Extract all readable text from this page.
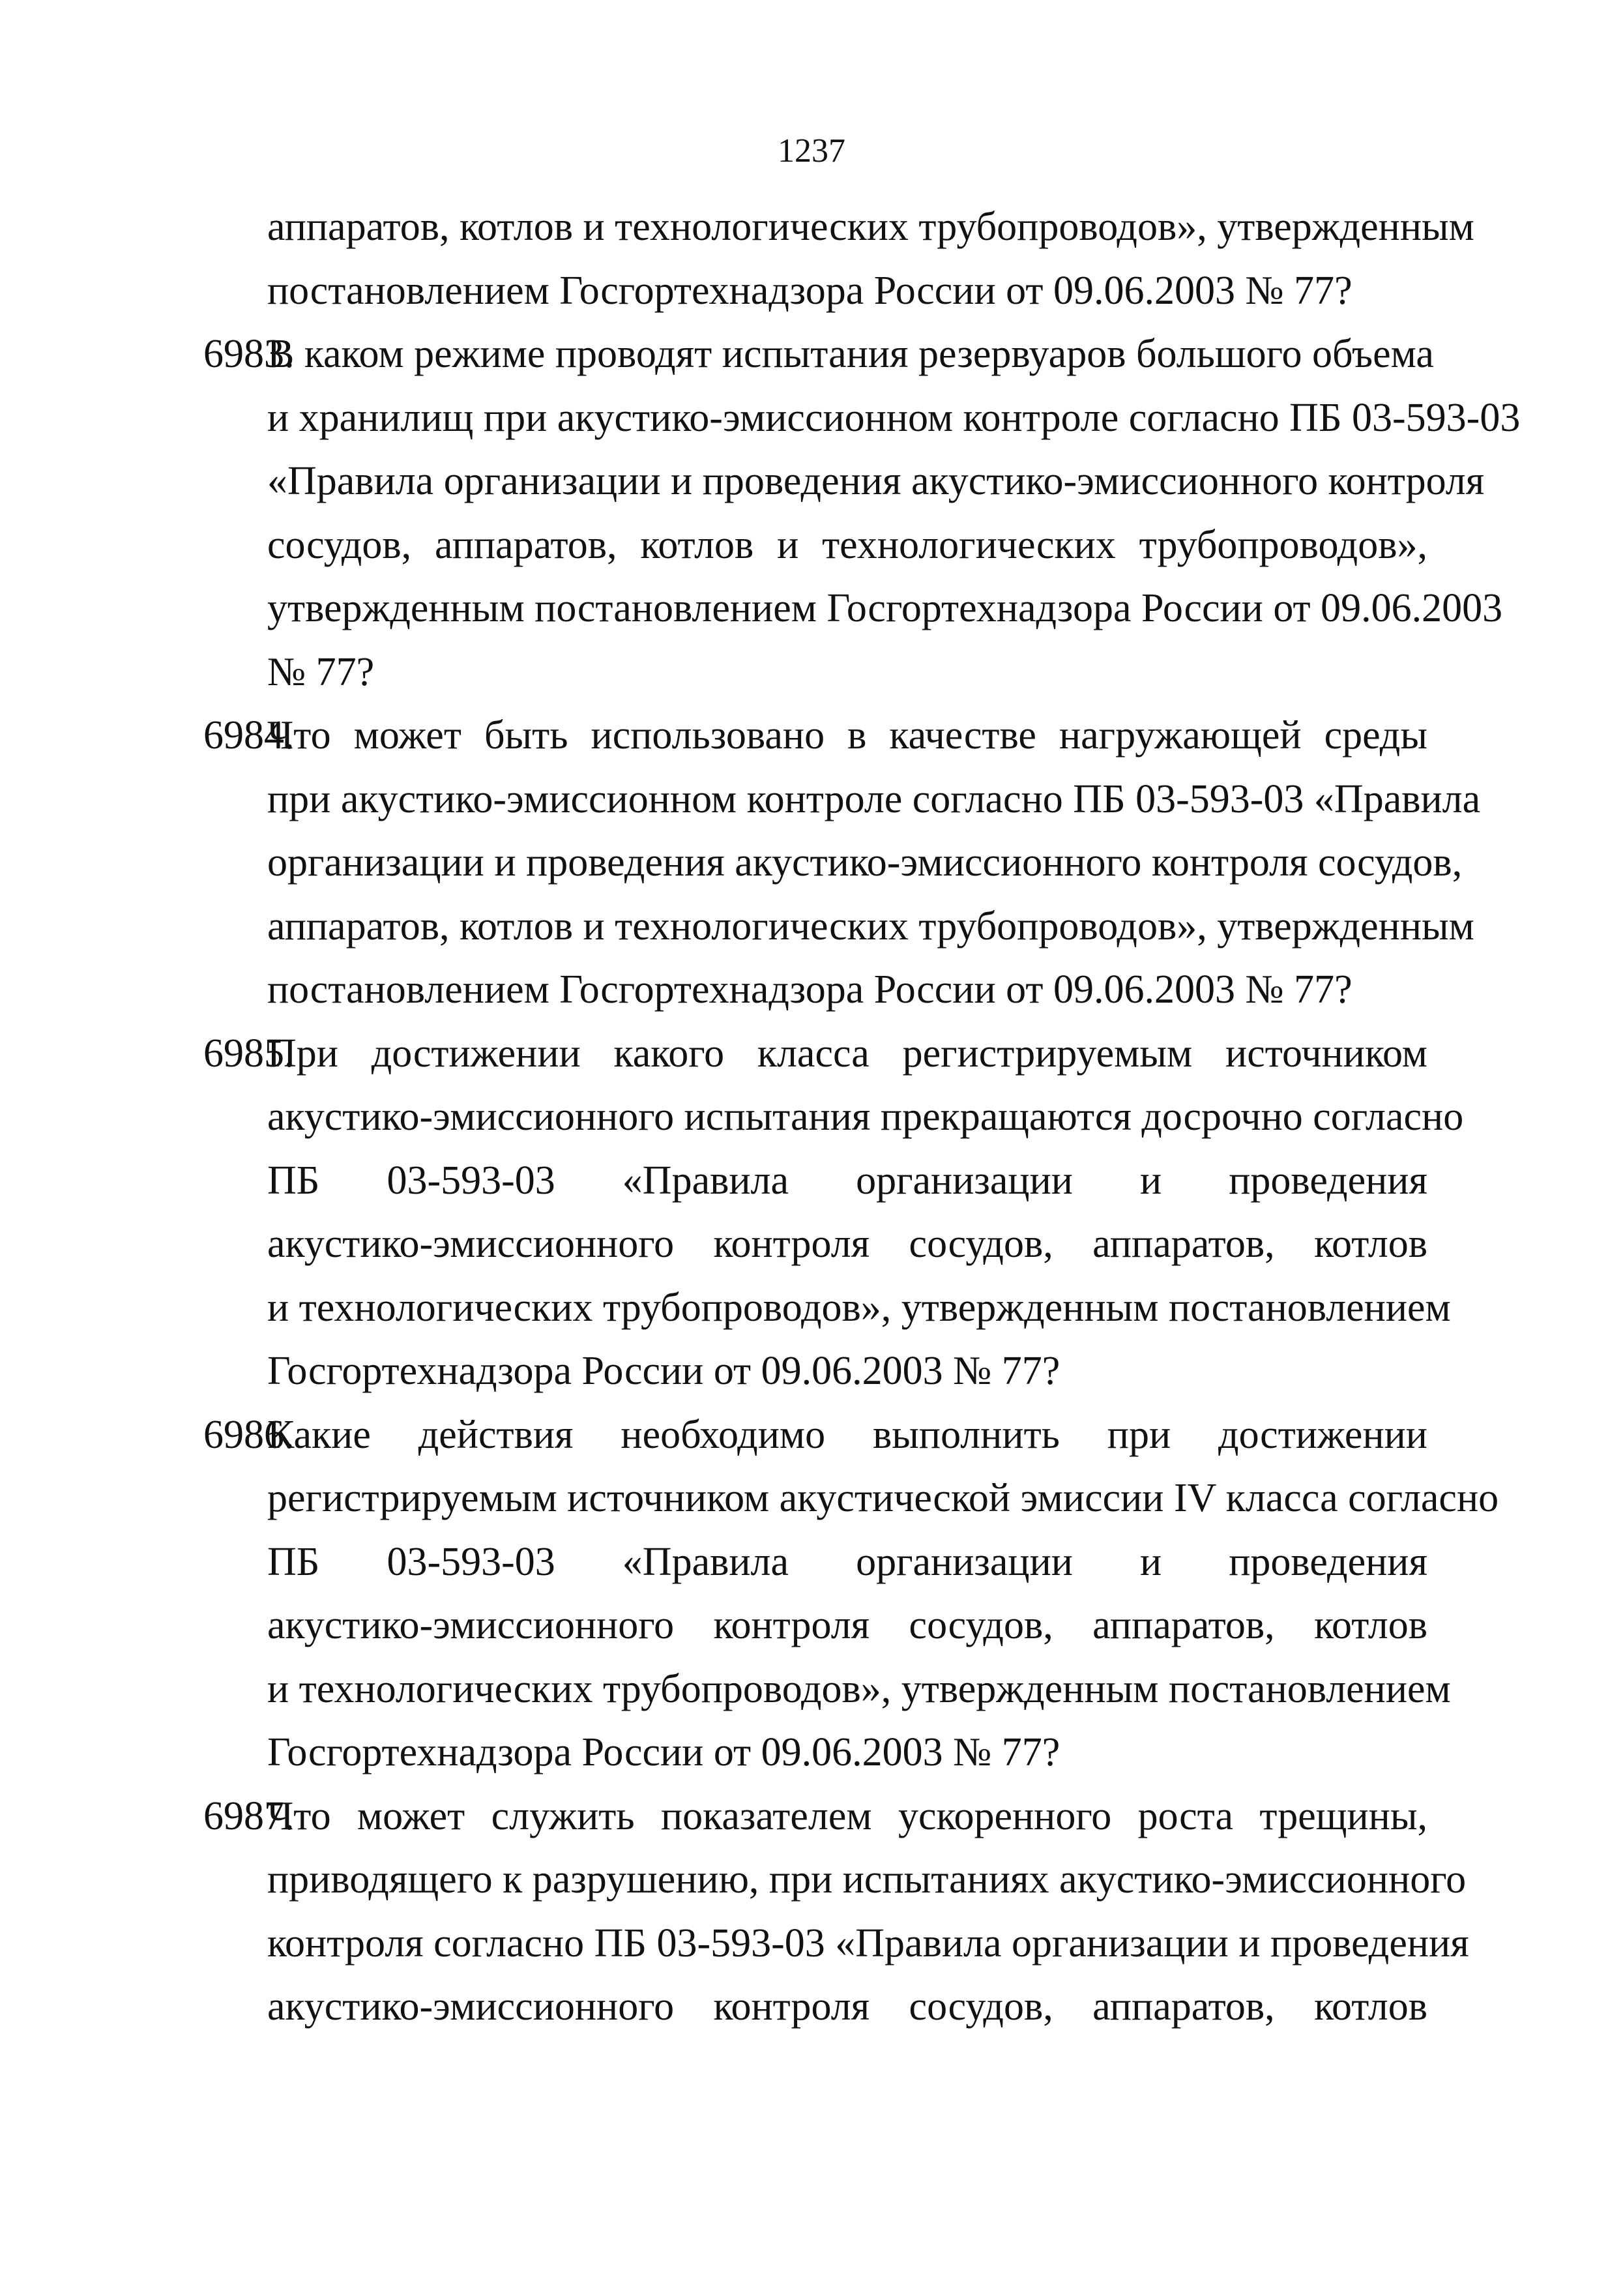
1237
аппаратов, котлов и технологических трубопроводов», утвержденным
постановлением Госгортехнадзора России от 09.06.2003 № 77?
6983.
В каком режиме проводят испытания резервуаров большого объема
и хранилищ при акустико-эмиссионном контроле согласно ПБ 03-593-03
«Правила организации и проведения акустико-эмиссионного контроля
сосудов, аппаратов, котлов и технологических трубопроводов»,
утвержденным постановлением Госгортехнадзора России от 09.06.2003
№ 77?
6984.
Что может быть использовано в качестве нагружающей среды
при акустико-эмиссионном контроле согласно ПБ 03-593-03 «Правила
организации и проведения акустико-эмиссионного контроля сосудов,
аппаратов, котлов и технологических трубопроводов», утвержденным
постановлением Госгортехнадзора России от 09.06.2003 № 77?
6985.
При достижении какого класса регистрируемым источником
акустико-эмиссионного испытания прекращаются досрочно согласно
ПБ 03-593-03 «Правила организации и проведения
акустико-эмиссионного контроля сосудов, аппаратов, котлов
и технологических трубопроводов», утвержденным постановлением
Госгортехнадзора России от 09.06.2003 № 77?
6986.
Какие действия необходимо выполнить при достижении
регистрируемым источником акустической эмиссии IV класса согласно
ПБ 03-593-03 «Правила организации и проведения
акустико-эмиссионного контроля сосудов, аппаратов, котлов
и технологических трубопроводов», утвержденным постановлением
Госгортехнадзора России от 09.06.2003 № 77?
6987.
Что может служить показателем ускоренного роста трещины,
приводящего к разрушению, при испытаниях акустико-эмиссионного
контроля согласно ПБ 03-593-03 «Правила организации и проведения
акустико-эмиссионного контроля сосудов, аппаратов, котлов
